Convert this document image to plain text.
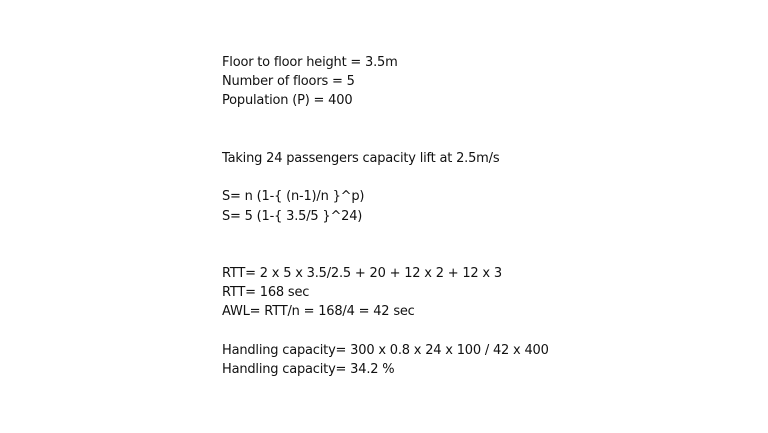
Floor to floor height = 3.5m
Number of floors = 5
Population (P) = 400
Taking 24 passengers capacity lift at 2.5m/s
S= n (1-{ (n-1)/n }^p)
S= 5 (1-{ 3.5/5 }^24)
RTT= 2 x 5 x 3.5/2.5 + 20 + 12 x 2 + 12 x 3
RTT= 168 sec
AWL= RTT/n = 168/4 = 42 sec
Handling capacity= 300 x 0.8 x 24 x 100 / 42 x 400
Handling capacity= 34.2 %
